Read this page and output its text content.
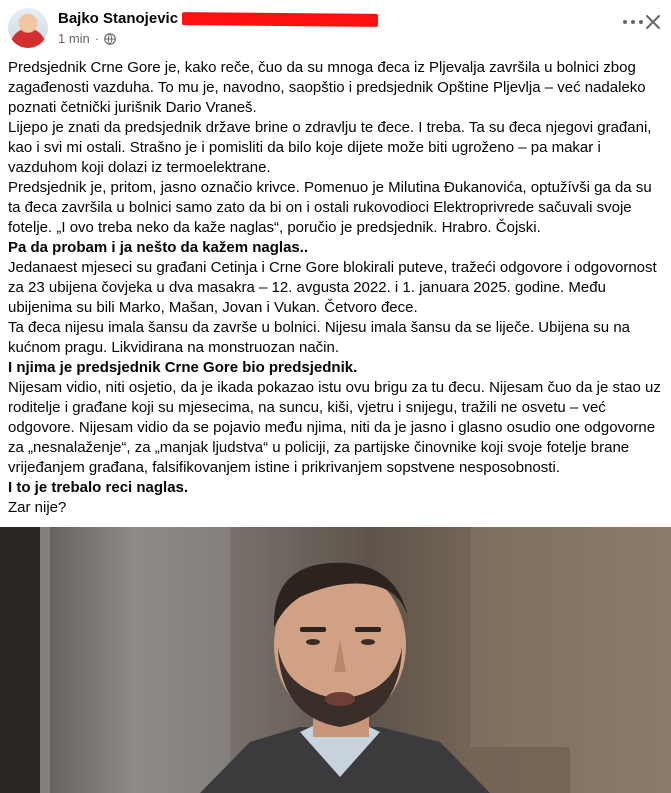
Bajko Stanojevic
1 min ·

Predsjednik Crne Gore je, kako reče, čuo da su mnoga đeca iz Pljevalja završila u bolnici zbog zagađenosti vazduha. To mu je, navodno, saopštio i predsjednik Opštine Pljevlja – već nadaleko poznati četnički jurišnik Dario Vraneš.

Lijepo je znati da predsjednik države brine o zdravlju te đece. I treba. Ta su đeca njegovi građani, kao i svi mi ostali. Strašno je i pomisliti da bilo koje dijete može biti ugroženo – pa makar i vazduhom koji dolazi iz termoelektrane.

Predsjednik je, pritom, jasno označio krivce. Pomenuo je Milutina Đukanovića, optužívši ga da su ta đeca završila u bolnici samo zato da bi on i ostali rukovodioci Elektroprivrede sačuvali svoje fotelje. „I ovo treba neko da kaže naglas“, poručio je predsjednik. Hrabro. Čojski.

Pa da probam i ja nešto da kažem naglas..

Jedanaest mjeseci su građani Cetinja i Crne Gore blokirali puteve, tražeći odgovore i odgovornost za 23 ubijena čovjeka u dva masakra – 12. avgusta 2022. i 1. januara 2025. godine. Među ubijenima su bili Marko, Mašan, Jovan i Vukan. Četvoro đece.

Ta đeca nijesu imala šansu da završe u bolnici. Nijesu imala šansu da se liječe. Ubijena su na kućnom pragu. Likvidirana na monstruozan način.

I njima je predsjednik Crne Gore bio predsjednik.

Nijesam vidio, niti osjetio, da je ikada pokazao istu ovu brigu za tu đecu. Nijesam čuo da je stao uz roditelje i građane koji su mjesecima, na suncu, kiši, vjetru i snijegu, tražili ne osvetu – već odgovore. Nijesam vidio da se pojavio među njima, niti da je jasno i glasno osudio one odgovorne za „nesnalaženje“, za „manjak ljudstva“ u policiji, za partijske činovnike koji svoje fotelje brane vrijeđanjem građana, falsifikovanjem istine i prikrivanjem sopstvene nesposobnosti.

I to je trebalo reci naglas.

Zar nije?
